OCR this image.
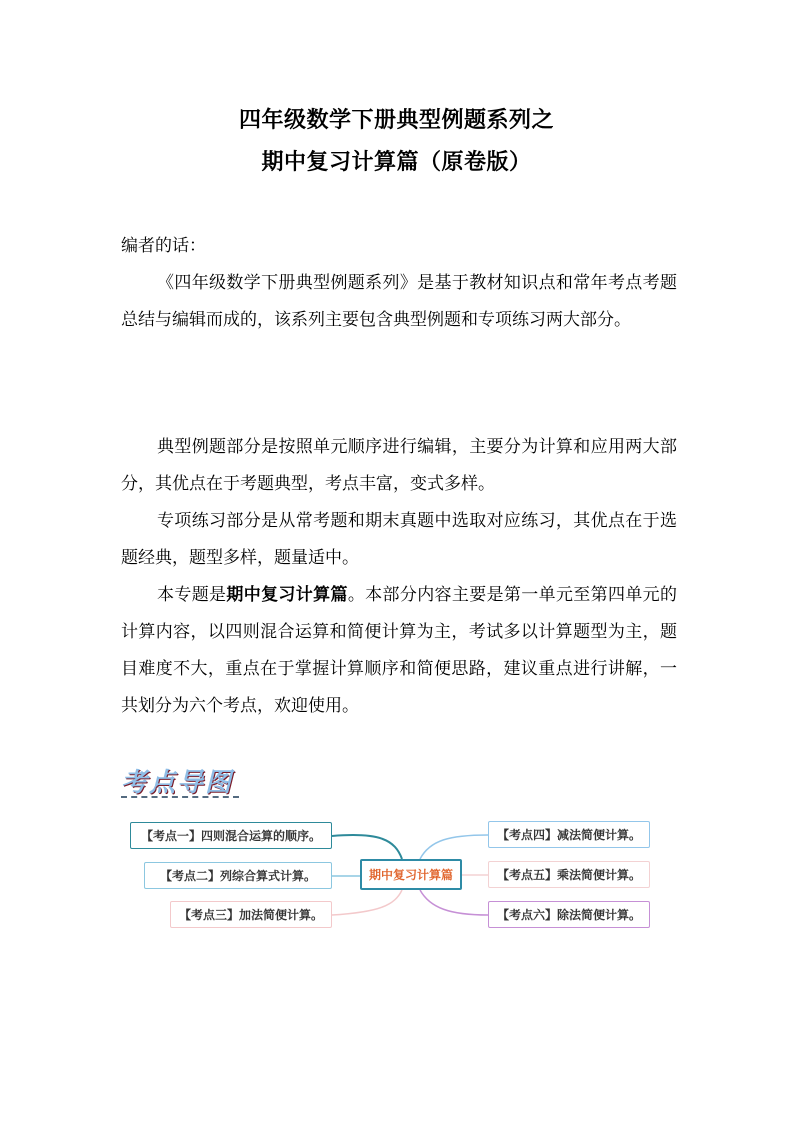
四年级数学下册典型例题系列之
期中复习计算篇（原卷版）
编者的话：
《四年级数学下册典型例题系列》是基于教材知识点和常年考点考题总结与编辑而成的，该系列主要包含典型例题和专项练习两大部分。
典型例题部分是按照单元顺序进行编辑，主要分为计算和应用两大部分，其优点在于考题典型，考点丰富，变式多样。
专项练习部分是从常考题和期末真题中选取对应练习，其优点在于选题经典，题型多样，题量适中。
本专题是期中复习计算篇。本部分内容主要是第一单元至第四单元的计算内容，以四则混合运算和简便计算为主，考试多以计算题型为主，题目难度不大，重点在于掌握计算顺序和简便思路，建议重点进行讲解，一共划分为六个考点，欢迎使用。
考点导图
期中复习计算篇
【考点一】四则混合运算的顺序。
【考点二】列综合算式计算。
【考点三】加法简便计算。
【考点四】减法简便计算。
【考点五】乘法简便计算。
【考点六】除法简便计算。
